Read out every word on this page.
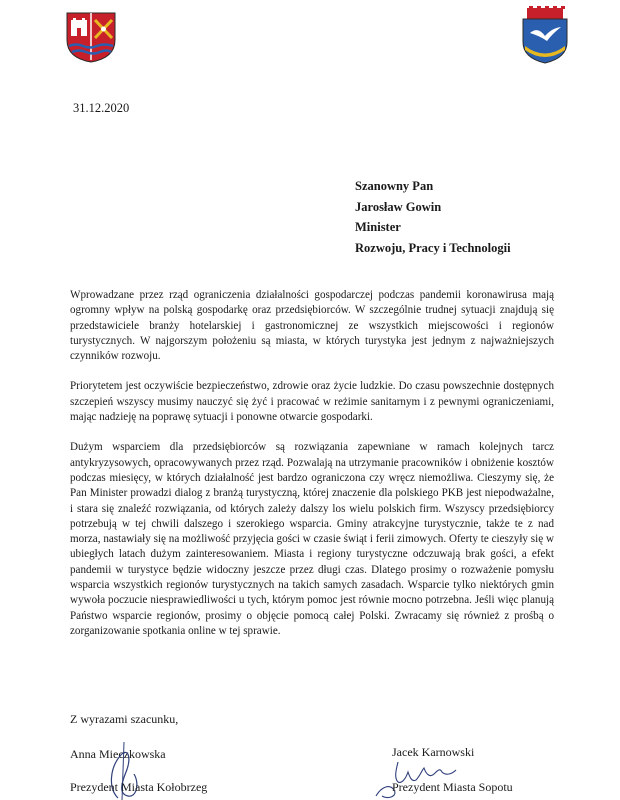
31.12.2020
Szanowny Pan
Jarosław Gowin
Minister
Rozwoju, Pracy i Technologii

Wprowadzane przez rząd ograniczenia działalności gospodarczej podczas pandemii koronawirusa mają ogromny wpływ na polską gospodarkę oraz przedsiębiorców. W szczególnie trudnej sytuacji znajdują się przedstawiciele branży hotelarskiej i gastronomicznej ze wszystkich miejscowości i regionów turystycznych. W najgorszym położeniu są miasta, w których turystyka jest jednym z najważniejszych czynników rozwoju.

Priorytetem jest oczywiście bezpieczeństwo, zdrowie oraz życie ludzkie. Do czasu powszechnie dostępnych szczepień wszyscy musimy nauczyć się żyć i pracować w reżimie sanitarnym i z pewnymi ograniczeniami, mając nadzieję na poprawę sytuacji i ponowne otwarcie gospodarki.

Dużym wsparciem dla przedsiębiorców są rozwiązania zapewniane w ramach kolejnych tarcz antykryzysowych, opracowywanych przez rząd. Pozwalają na utrzymanie pracowników i obniżenie kosztów podczas miesięcy, w których działalność jest bardzo ograniczona czy wręcz niemożliwa. Cieszymy się, że Pan Minister prowadzi dialog z branżą turystyczną, której znaczenie dla polskiego PKB jest niepodważalne, i stara się znaleźć rozwiązania, od których zależy dalszy los wielu polskich firm. Wszyscy przedsiębiorcy potrzebują w tej chwili dalszego i szerokiego wsparcia. Gminy atrakcyjne turystycznie, także te z nad morza, nastawiały się na możliwość przyjęcia gości w czasie świąt i ferii zimowych. Oferty te cieszyły się w ubiegłych latach dużym zainteresowaniem. Miasta i regiony turystyczne odczuwają brak gości, a efekt pandemii w turystyce będzie widoczny jeszcze przez długi czas. Dlatego prosimy o rozważenie pomysłu wsparcia wszystkich regionów turystycznych na takich samych zasadach. Wsparcie tylko niektórych gmin wywoła poczucie niesprawiedliwości u tych, którym pomoc jest równie mocno potrzebna. Jeśli więc planują Państwo wsparcie regionów, prosimy o objęcie pomocą całej Polski. Zwracamy się również z prośbą o zorganizowanie spotkania online w tej sprawie.

Z wyrazami szacunku,
Anna Mieczkowska
Prezydent Miasta Kołobrzeg
Jacek Karnowski
Prezydent Miasta Sopotu
